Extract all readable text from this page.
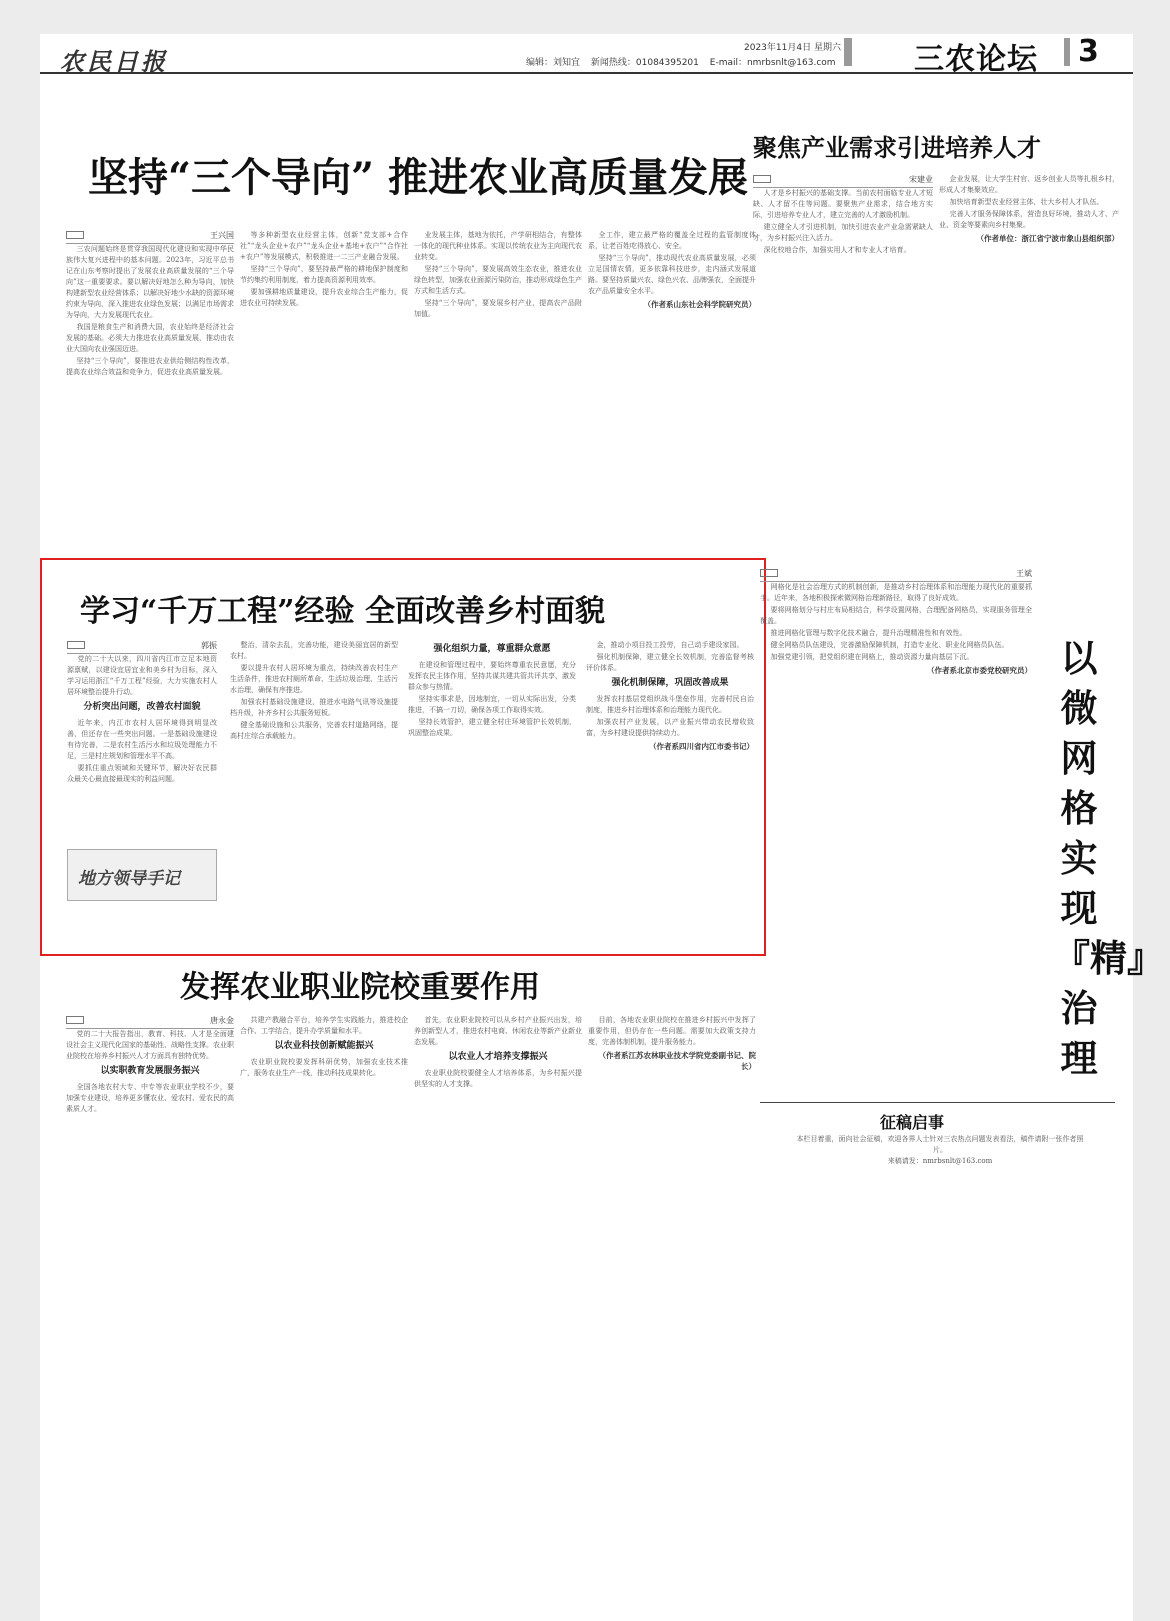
农民日报	2023年11月4日 星期六
编辑：刘知宜 新闻热线：01084395201 E-mail：nmrbsnlt@163.com	三农论坛 3
坚持“三个导向” 推进农业高质量发展
王兴国

三农问题始终是贯穿我国现代化建设和实现中华民族伟大复兴进程中的基本问题。2023年，习近平总书记在山东考察时提出了发展农业高质量发展的“三个导向”这一重要要求。要以解决好地怎么种为导向，加快构建新型农业经营体系；以解决好地少水缺的资源环境约束为导向，深入推进农业绿色发展；以满足市场需求为导向，大力发展现代农业。

我国是粮食生产和消费大国，农业始终是经济社会发展的基础。必须大力推进农业高质量发展，推动由农业大国向农业强国迈进。

坚持“三个导向”，要推进农业供给侧结构性改革，提高农业综合效益和竞争力，促进农业高质量发展。

等多种新型农业经营主体，创新“党支部+合作社”“龙头企业+农户”“龙头企业+基地+农户”“合作社+农户”等发展模式，积极推进一二三产业融合发展。

坚持“三个导向”，要坚持最严格的耕地保护制度和节约集约利用制度，着力提高资源利用效率。

要加强耕地质量建设，提升农业综合生产能力，促进农业可持续发展。

业发展主体，基地为依托，产学研相结合，有整体一体化的现代种业体系。实现以传统农业为主向现代农业转变。

坚持“三个导向”，要发展高效生态农业，推进农业绿色转型，加强农业面源污染防治，推动形成绿色生产方式和生活方式。

坚持“三个导向”，要发展乡村产业，提高农产品附加值。

全工作，建立最严格的覆盖全过程的监管制度体系，让老百姓吃得放心、安全。

坚持“三个导向”，推动现代农业高质量发展，必须立足国情农情，更多依靠科技进步，走内涵式发展道路。要坚持质量兴农、绿色兴农、品牌强农，全面提升农产品质量安全水平。

（作者系山东社会科学院研究员）
聚焦产业需求引进培养人才
宋建业

人才是乡村振兴的基础支撑。当前农村面临专业人才短缺、人才留不住等问题。要聚焦产业需求，结合地方实际，引进培养专业人才，建立完善的人才激励机制。

建立健全人才引进机制，加快引进农业产业急需紧缺人才，为乡村振兴注入活力。

深化校地合作，加强实用人才和专业人才培育。

企业发展，让大学生村官、返乡创业人员等扎根乡村，形成人才集聚效应。

加快培育新型农业经营主体，壮大乡村人才队伍。

完善人才服务保障体系，营造良好环境，推动人才、产业、资金等要素向乡村集聚。

（作者单位：浙江省宁波市象山县组织部）
学习“千万工程”经验 全面改善乡村面貌
郭振

党的二十大以来，四川省内江市立足本地资源禀赋，以建设宜居宜业和美乡村为目标，深入学习运用浙江“千万工程”经验，大力实施农村人居环境整治提升行动。

分析突出问题，改善农村面貌

近年来，内江市农村人居环境得到明显改善，但还存在一些突出问题。一是基础设施建设有待完善，二是农村生活污水和垃圾处理能力不足，三是村庄规划和管理水平不高。

要抓住重点领域和关键环节，解决好农民群众最关心最直接最现实的利益问题。

地方领导手记

整治，清杂去乱，完善功能，建设美丽宜居的新型农村。

要以提升农村人居环境为重点，持续改善农村生产生活条件，推进农村厕所革命、生活垃圾治理、生活污水治理，确保有序推进。

加强农村基础设施建设，推进水电路气讯等设施提档升级，补齐乡村公共服务短板。

健全基础设施和公共服务，完善农村道路网络，提高村庄综合承载能力。

强化组织力量，尊重群众意愿

在建设和管理过程中，要始终尊重农民意愿，充分发挥农民主体作用，坚持共谋共建共管共评共享，激发群众参与热情。

坚持实事求是，因地制宜，一切从实际出发，分类推进，不搞一刀切，确保各项工作取得实效。

坚持长效管护，建立健全村庄环境管护长效机制，巩固整治成果。

金，推动小项目投工投劳，自己动手建设家园。

强化机制保障，建立健全长效机制，完善监督考核评价体系。

强化机制保障，巩固改善成果

发挥农村基层党组织战斗堡垒作用，完善村民自治制度，推进乡村治理体系和治理能力现代化。

加强农村产业发展，以产业振兴带动农民增收致富，为乡村建设提供持续动力。

（作者系四川省内江市委书记）
王斌

网格化是社会治理方式的机制创新，是推动乡村治理体系和治理能力现代化的重要抓手。近年来，各地积极探索微网格治理新路径，取得了良好成效。

要将网格划分与村庄布局相结合，科学设置网格，合理配备网格员，实现服务管理全覆盖。

推进网格化管理与数字化技术融合，提升治理精准性和有效性。

健全网格员队伍建设，完善激励保障机制，打造专业化、职业化网格员队伍。

加强党建引领，把党组织建在网格上，推动资源力量向基层下沉。

（作者系北京市委党校研究员） 以微网格实现『精』治理
发挥农业职业院校重要作用
唐永金

党的二十大报告指出，教育、科技、人才是全面建设社会主义现代化国家的基础性、战略性支撑。农业职业院校在培养乡村振兴人才方面具有独特优势。

以实职教育发展服务振兴

全国各地农村大专、中专等农业职业学校不少，要加强专业建设，培养更多懂农业、爱农村、爱农民的高素质人才。

共建产教融合平台，培养学生实践能力，推进校企合作、工学结合，提升办学质量和水平。

以农业科技创新赋能振兴

农业职业院校要发挥科研优势，加强农业技术推广，服务农业生产一线，推动科技成果转化。

首先，农业职业院校可以从乡村产业振兴出发，培养创新型人才，推进农村电商、休闲农业等新产业新业态发展。

以农业人才培养支撑振兴

农业职业院校要健全人才培养体系，为乡村振兴提供坚实的人才支撑。

目前，各地农业职业院校在推进乡村振兴中发挥了重要作用，但仍存在一些问题。需要加大政策支持力度，完善体制机制，提升服务能力。

（作者系江苏农林职业技术学院党委副书记、院长）
征稿启事
本栏目着重，面向社会征稿，欢迎各界人士针对三农热点问题发表看法，稿件请附一张作者照片。
来稿请发：nmrbsnlt@163.com
